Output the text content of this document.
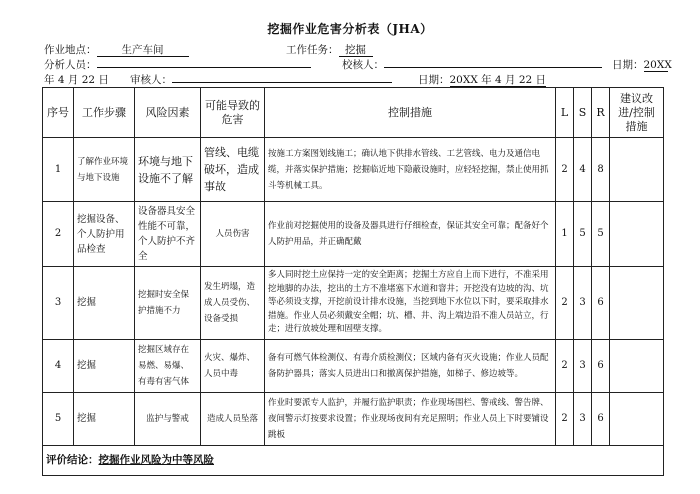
挖掘作业危害分析表（JHA）
作业地点： 生产车间	工作任务： 挖掘
分析人员：	校核人：	日期：20XX
年 4 月 22 日 审核人：	日期：20XX 年 4 月 22 日
序号	工作步骤	风险因素	可能导致的危害	控制措施	L	S	R	建议改进/控制措施
1	了解作业环境与地下设施	环境与地下设施不了解	管线、电缆破坏，造成事故	按施工方案图划线施工；确认地下供排水管线、工艺管线、电力及通信电缆，并落实保护措施；挖掘临近地下隐蔽设施时，应轻轻挖掘，禁止使用抓斗等机械工具。	2	4	8	
2	挖掘设备、个人防护用品检查	设备器具安全性能不可靠，个人防护不齐全	人员伤害	作业前对挖掘使用的设备及器具进行仔细检查，保证其安全可靠；配备好个人防护用品，并正确配戴	1	5	5	
3	挖掘	挖掘时安全保护措施不力	发生坍塌，造成人员受伤、设备受损	多人同时挖土应保持一定的安全距离；挖掘土方应自上而下进行，不准采用挖地脚的办法，挖出的土方不准堵塞下水道和窨井；开挖没有边坡的沟、坑等必须设支撑，开挖前设计排水设施，当挖到地下水位以下时，要采取排水措施。作业人员必须戴安全帽；坑、槽、井、沟上端边沿不准人员站立，行走；进行放坡处理和固壁支撑。	2	3	6	
4	挖掘	挖掘区域存在易燃、易爆、有毒有害气体	火灾、爆炸、人员中毒	备有可燃气体检测仪、有毒介质检测仪；区域内备有灭火设施；作业人员配备防护器具；落实人员进出口和撤离保护措施，如梯子、修边坡等。	2	3	6	
5	挖掘	监护与警戒	造成人员坠落	作业时要派专人监护，并履行监护职责；作业现场围栏、警戒线、警告牌、夜间警示灯按要求设置；作业现场夜间有充足照明；作业人员上下时要铺设跳板	2	3	6	
评价结论：挖掘作业风险为中等风险								
